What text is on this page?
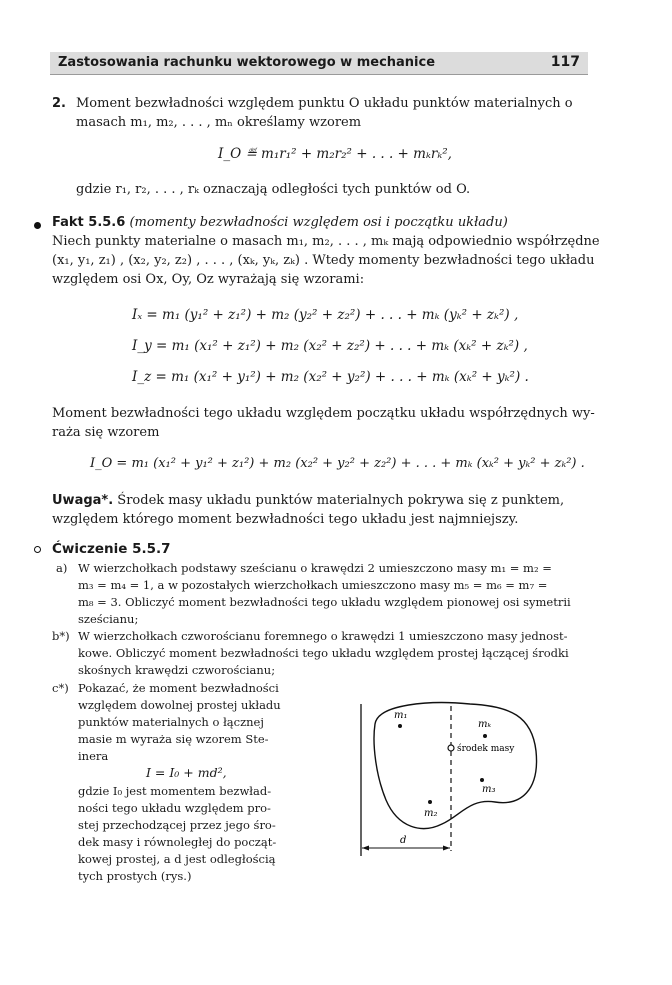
Zastosowania rachunku wektorowego w mechanice	117
2. Moment bezwładności względem punktu O układu punktów materialnych o
masach m₁, m₂, . . . , mₙ określamy wzorem
I_O ≝ m₁r₁² + m₂r₂² + . . . + mₖrₖ²,
gdzie r₁, r₂, . . . , rₖ oznaczają odległości tych punktów od O.
Fakt 5.5.6 (momenty bezwładności względem osi i początku układu)
Niech punkty materialne o masach m₁, m₂, . . . , mₖ mają odpowiednio współrzędne
(x₁, y₁, z₁) , (x₂, y₂, z₂) , . . . , (xₖ, yₖ, zₖ) . Wtedy momenty bezwładności tego układu
względem osi Ox, Oy, Oz wyrażają się wzorami:
Iₓ = m₁ (y₁² + z₁²) + m₂ (y₂² + z₂²) + . . . + mₖ (yₖ² + zₖ²) ,
I_y = m₁ (x₁² + z₁²) + m₂ (x₂² + z₂²) + . . . + mₖ (xₖ² + zₖ²) ,
I_z = m₁ (x₁² + y₁²) + m₂ (x₂² + y₂²) + . . . + mₖ (xₖ² + yₖ²) .
Moment bezwładności tego układu względem początku układu współrzędnych wy-
raża się wzorem
I_O = m₁ (x₁² + y₁² + z₁²) + m₂ (x₂² + y₂² + z₂²) + . . . + mₖ (xₖ² + yₖ² + zₖ²) .
Uwaga*. Środek masy układu punktów materialnych pokrywa się z punktem,
względem którego moment bezwładności tego układu jest najmniejszy.
Ćwiczenie 5.5.7
a) W wierzchołkach podstawy sześcianu o krawędzi 2 umieszczono masy m₁ = m₂ =
m₃ = m₄ = 1, a w pozostałych wierzchołkach umieszczono masy m₅ = m₆ = m₇ =
m₈ = 3. Obliczyć moment bezwładności tego układu względem pionowej osi symetrii
sześcianu;
b*) W wierzchołkach czworościanu foremnego o krawędzi 1 umieszczono masy jednost-
kowe. Obliczyć moment bezwładności tego układu względem prostej łączącej środki
skośnych krawędzi czworościanu;
c*) Pokazać, że moment bezwładności
względem dowolnej prostej układu
punktów materialnych o łącznej
masie m wyraża się wzorem Ste-
inera
I = I₀ + md²,
gdzie I₀ jest momentem bezwład-
ności tego układu względem pro-
stej przechodzącej przez jego śro-
dek masy i równoległej do począt-
kowej prostej, a d jest odległością
tych prostych (rys.)
m₁
mₖ
środek masy
m₃
m₂
d
